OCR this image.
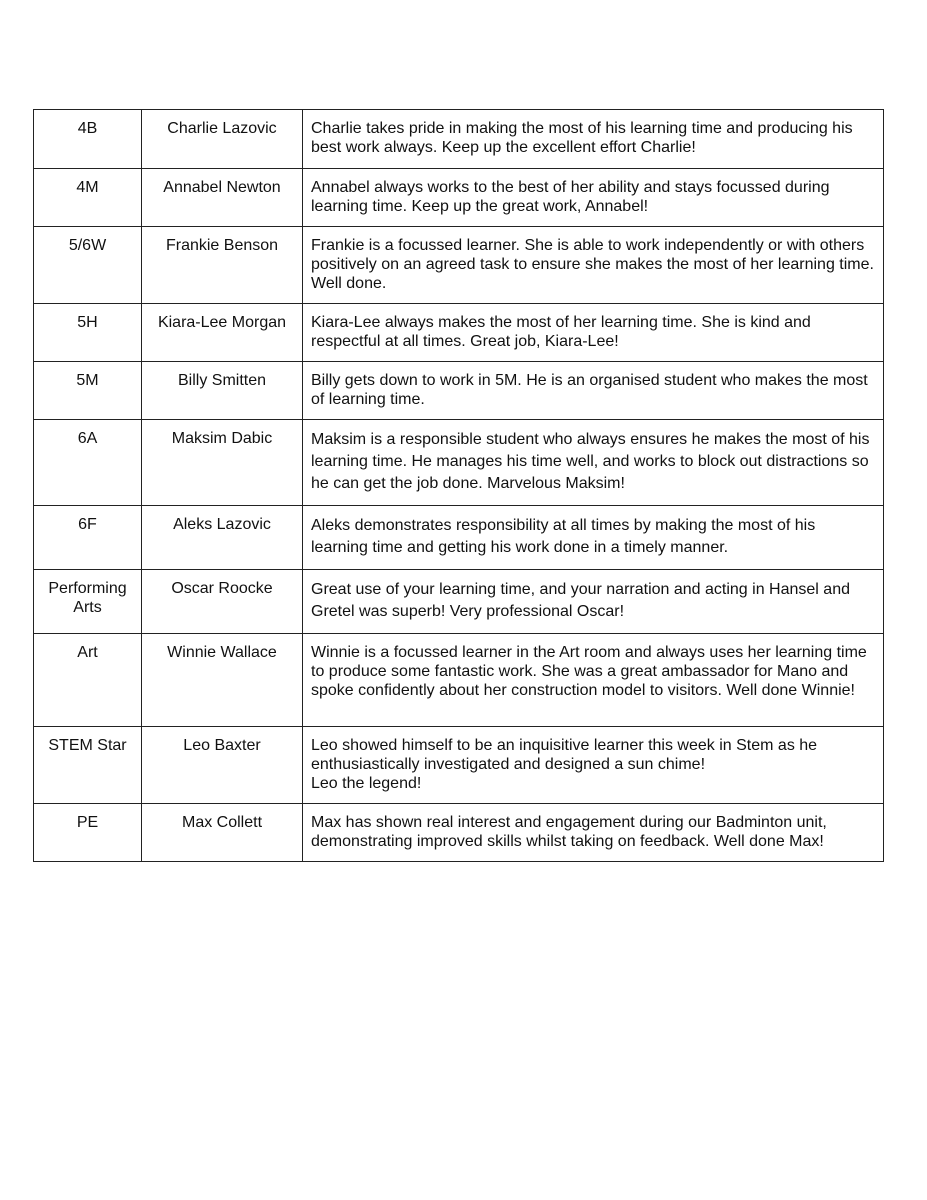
4B	Charlie Lazovic	Charlie takes pride in making the most of his learning time and producing his best work always. Keep up the excellent effort Charlie!
4M	Annabel Newton	Annabel always works to the best of her ability and stays focussed during learning time. Keep up the great work, Annabel!
5/6W	Frankie Benson	Frankie is a focussed learner. She is able to work independently or with others positively on an agreed task to ensure she makes the most of her learning time. Well done.
5H	Kiara-Lee Morgan	Kiara-Lee always makes the most of her learning time. She is kind and respectful at all times. Great job, Kiara-Lee!
5M	Billy Smitten	Billy gets down to work in 5M. He is an organised student who makes the most of learning time.
6A	Maksim Dabic	Maksim is a responsible student who always ensures he makes the most of his learning time. He manages his time well, and works to block out distractions so he can get the job done. Marvelous Maksim!
6F	Aleks Lazovic	Aleks demonstrates responsibility at all times by making the most of his learning time and getting his work done in a timely manner.
Performing Arts	Oscar Roocke	Great use of your learning time, and your narration and acting in Hansel and Gretel was superb! Very professional Oscar!
Art	Winnie Wallace	Winnie is a focussed learner in the Art room and always uses her learning time to produce some fantastic work. She was a great ambassador for Mano and spoke confidently about her construction model to visitors. Well done Winnie!
STEM Star	Leo Baxter	Leo showed himself to be an inquisitive learner this week in Stem as he enthusiastically investigated and designed a sun chime!
Leo the legend!

PE	Max Collett	Max has shown real interest and engagement during our Badminton unit, demonstrating improved skills whilst taking on feedback. Well done Max!
